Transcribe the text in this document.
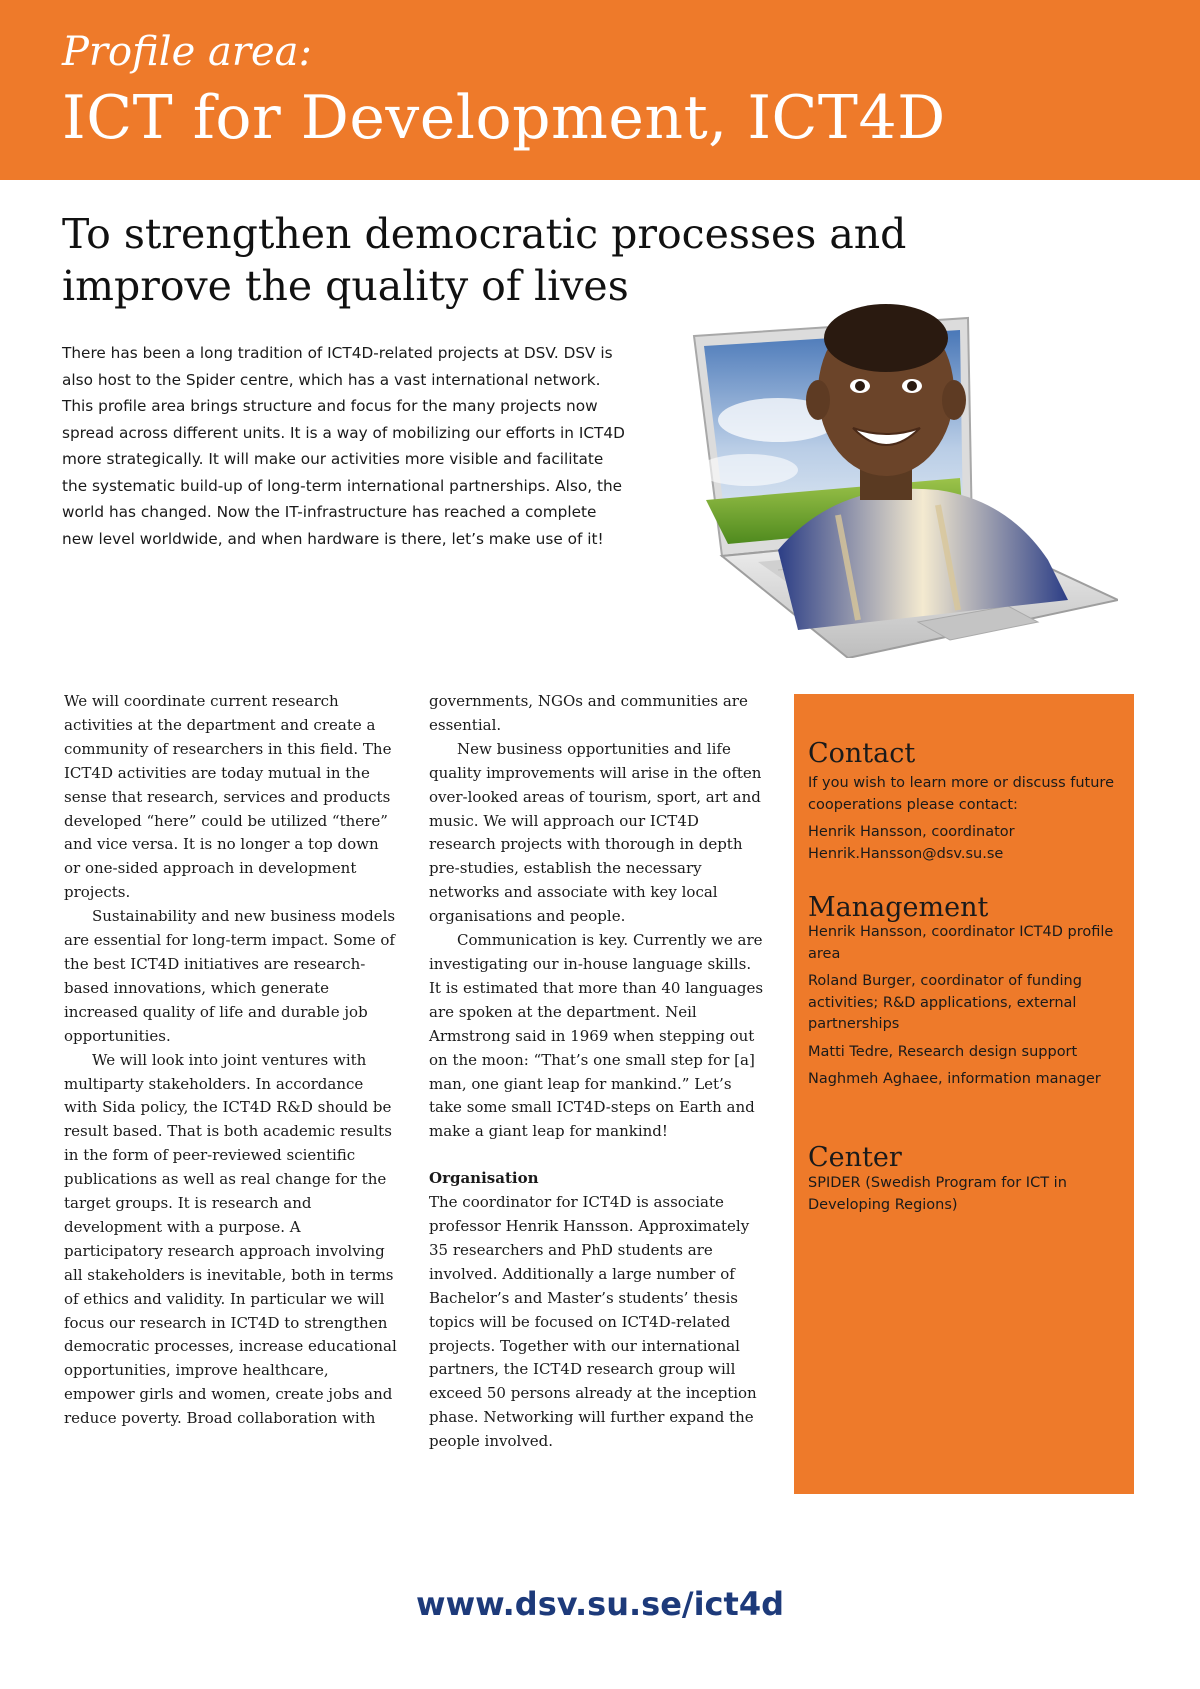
Profile area:
ICT for Development, ICT4D
To strengthen democratic processes and improve the quality of lives

There has been a long tradition of ICT4D-related projects at DSV. DSV is also host to the Spider centre, which has a vast international network. This profile area brings structure and focus for the many projects now spread across different units. It is a way of mobilizing our efforts in ICT4D more strategically. It will make our activities more visible and facilitate the systematic build-up of long-term international partnerships. Also, the world has changed. Now the IT-infrastructure has reached a complete new level worldwide, and when hardware is there, let’s make use of it!

We will coordinate current research activities at the department and create a community of researchers in this field. The ICT4D activities are today mutual in the sense that research, services and products developed “here” could be utilized “there” and vice versa. It is no longer a top down or one-sided approach in development projects.

Sustainability and new business models are essential for long-term impact. Some of the best ICT4D initiatives are research-based innovations, which generate increased quality of life and durable job opportunities.

We will look into joint ventures with multiparty stakeholders. In accordance with Sida policy, the ICT4D R&D should be result based. That is both academic results in the form of peer-reviewed scientific publications as well as real change for the target groups. It is research and development with a purpose. A participatory research approach involving all stakeholders is inevitable, both in terms of ethics and validity. In particular we will focus our research in ICT4D to strengthen democratic processes, increase educational opportunities, improve healthcare, empower girls and women, create jobs and reduce poverty. Broad collaboration with

governments, NGOs and communities are essential.

New business opportunities and life quality improvements will arise in the often over-looked areas of tourism, sport, art and music. We will approach our ICT4D research projects with thorough in depth pre-studies, establish the necessary networks and associate with key local organisations and people.

Communication is key. Currently we are investigating our in-house language skills. It is estimated that more than 40 languages are spoken at the department. Neil Armstrong said in 1969 when stepping out on the moon: “That’s one small step for [a] man, one giant leap for mankind.” Let’s take some small ICT4D-steps on Earth and make a giant leap for mankind!

Organisation

The coordinator for ICT4D is associate professor Henrik Hansson. Approximately 35 researchers and PhD students are involved. Additionally a large number of Bachelor’s and Master’s students’ thesis topics will be focused on ICT4D-related projects. Together with our international partners, the ICT4D research group will exceed 50 persons already at the inception phase. Networking will further expand the people involved.

Contact

If you wish to learn more or discuss future cooperations please contact:

Henrik Hansson, coordinator

Henrik.Hansson@dsv.su.se

Management

Henrik Hansson, coordinator ICT4D profile area

Roland Burger, coordinator of funding activities; R&D applications, external partnerships

Matti Tedre, Research design support

Naghmeh Aghaee, information manager

Center

SPIDER (Swedish Program for ICT in Developing Regions)

www.dsv.su.se/ict4d
